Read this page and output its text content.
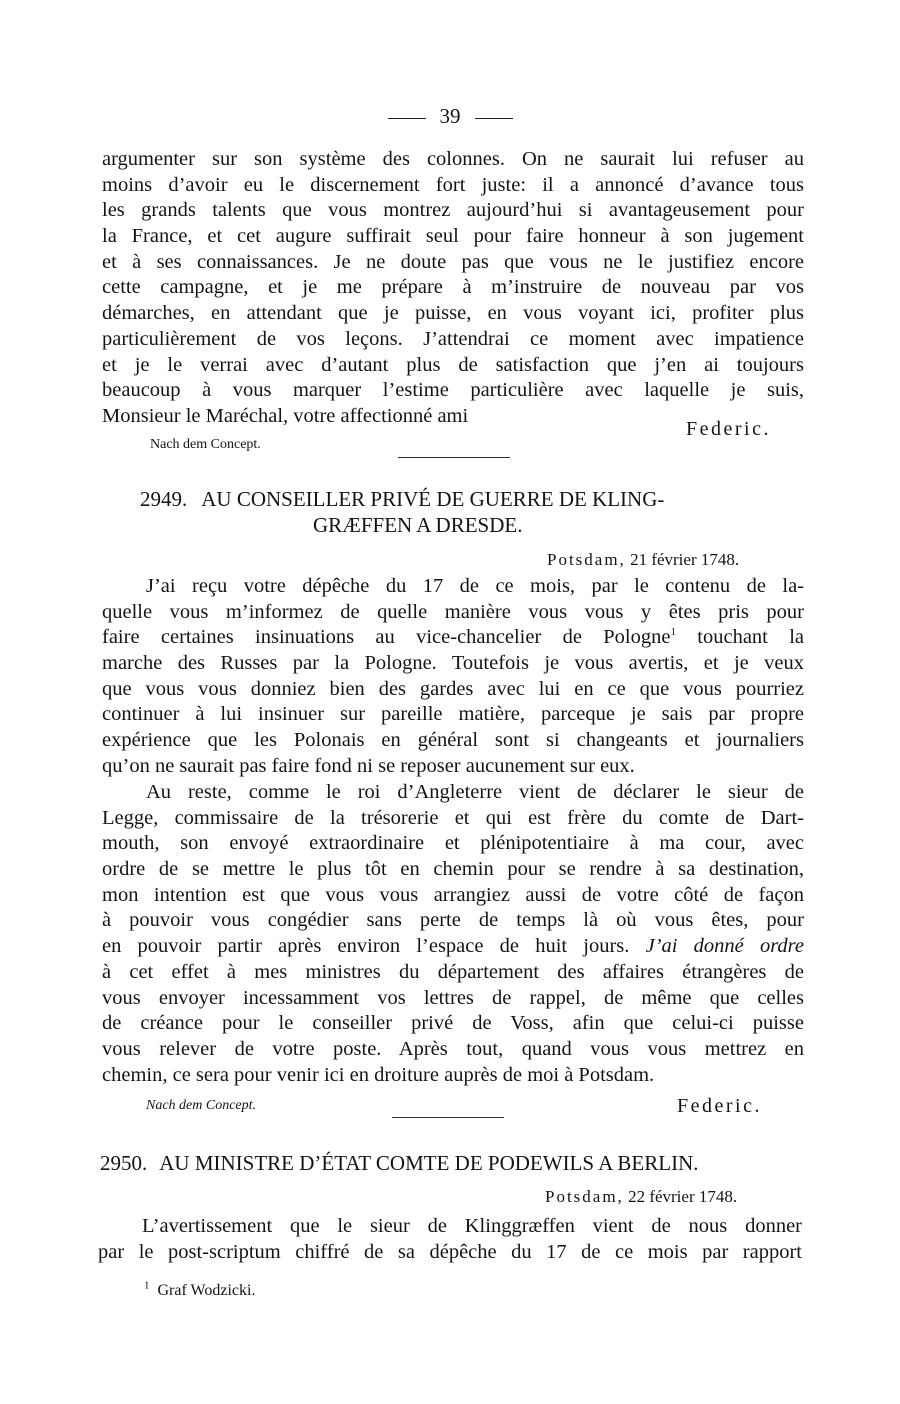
39
argumenter sur son système des colonnes. On ne saurait lui refuser au
moins d’avoir eu le discernement fort juste: il a annoncé d’avance tous
les grands talents que vous montrez aujourd’hui si avantageusement pour
la France, et cet augure suffirait seul pour faire honneur à son jugement
et à ses connaissances. Je ne doute pas que vous ne le justifiez encore
cette campagne, et je me prépare à m’instruire de nouveau par vos
démarches, en attendant que je puisse, en vous voyant ici, profiter plus
particulièrement de vos leçons. J’attendrai ce moment avec impatience
et je le verrai avec d’autant plus de satisfaction que j’en ai toujours
beaucoup à vous marquer l’estime particulière avec laquelle je suis,
Monsieur le Maréchal, votre affectionné ami
Federic.
Nach dem Concept.
2949. AU CONSEILLER PRIVÉ DE GUERRE DE KLING-
GRÆFFEN A DRESDE.
Potsdam, 21 février 1748.
J’ai reçu votre dépêche du 17 de ce mois, par le contenu de la-
quelle vous m’informez de quelle manière vous vous y êtes pris pour
faire certaines insinuations au vice-chancelier de Pologne$^1$ touchant la
marche des Russes par la Pologne. Toutefois je vous avertis, et je veux
que vous vous donniez bien des gardes avec lui en ce que vous pourriez
continuer à lui insinuer sur pareille matière, parceque je sais par propre
expérience que les Polonais en général sont si changeants et journaliers
qu’on ne saurait pas faire fond ni se reposer aucunement sur eux.
Au reste, comme le roi d’Angleterre vient de déclarer le sieur de
Legge, commissaire de la trésorerie et qui est frère du comte de Dart-
mouth, son envoyé extraordinaire et plénipotentiaire à ma cour, avec
ordre de se mettre le plus tôt en chemin pour se rendre à sa destination,
mon intention est que vous vous arrangiez aussi de votre côté de façon
à pouvoir vous congédier sans perte de temps là où vous êtes, pour
en pouvoir partir après environ l’espace de huit jours. J’ai donné ordre
à cet effet à mes ministres du département des affaires étrangères de
vous envoyer incessamment vos lettres de rappel, de même que celles
de créance pour le conseiller privé de Voss, afin que celui-ci puisse
vous relever de votre poste. Après tout, quand vous vous mettrez en
chemin, ce sera pour venir ici en droiture auprès de moi à Potsdam.
Nach dem Concept.	Federic.
2950. AU MINISTRE D’ÉTAT COMTE DE PODEWILS A BERLIN.
Potsdam, 22 février 1748.
L’avertissement que le sieur de Klinggræffen vient de nous donner
par le post-scriptum chiffré de sa dépêche du 17 de ce mois par rapport
$^1$ Graf Wodzicki.
